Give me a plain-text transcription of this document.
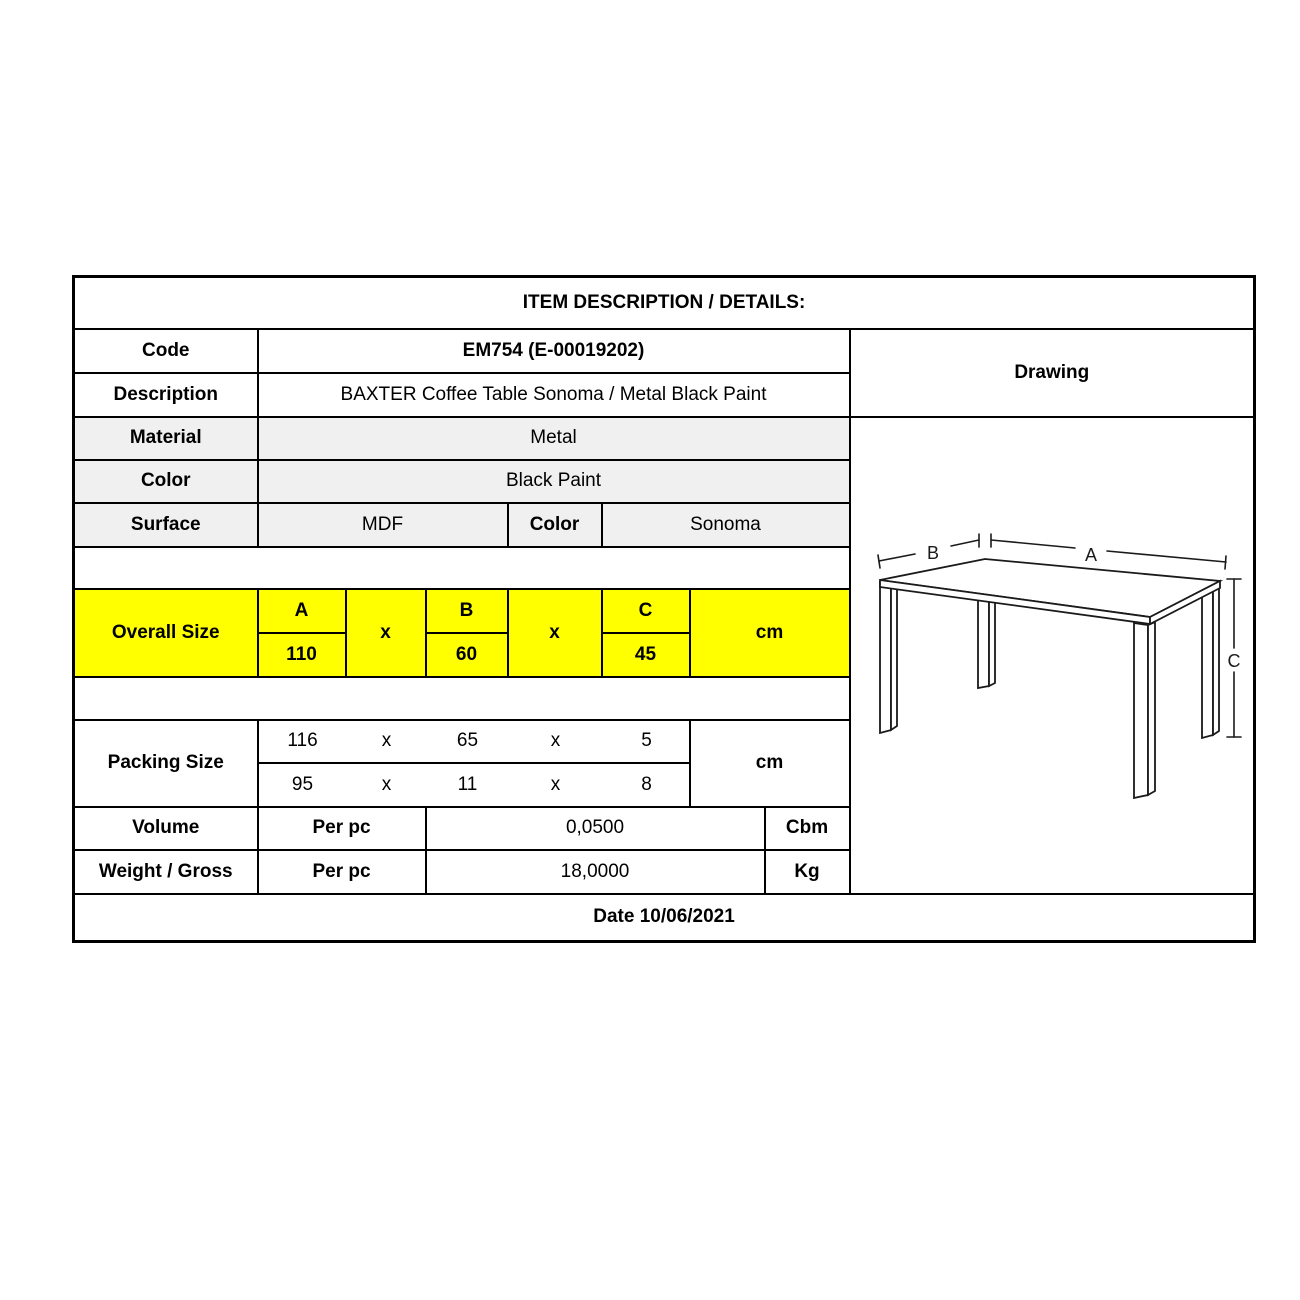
ITEM DESCRIPTION / DETAILS:								
Code	EM754 (E-00019202)							Drawing
Description	BAXTER Coffee Table Sonoma / Metal Black Paint							
Material	Metal							B A
C

Color	Black Paint							
Surface	MDF			Color	Sonoma			

Overall Size	A	x	B	x	C	cm		
	110		60		45			

Packing Size	116 x 65 x 5					cm		

	95 x 11 x 8							

Volume	Per pc		0,0500				Cbm	
Weight / Gross	Per pc		18,0000				Kg	
Date 10/06/2021								
